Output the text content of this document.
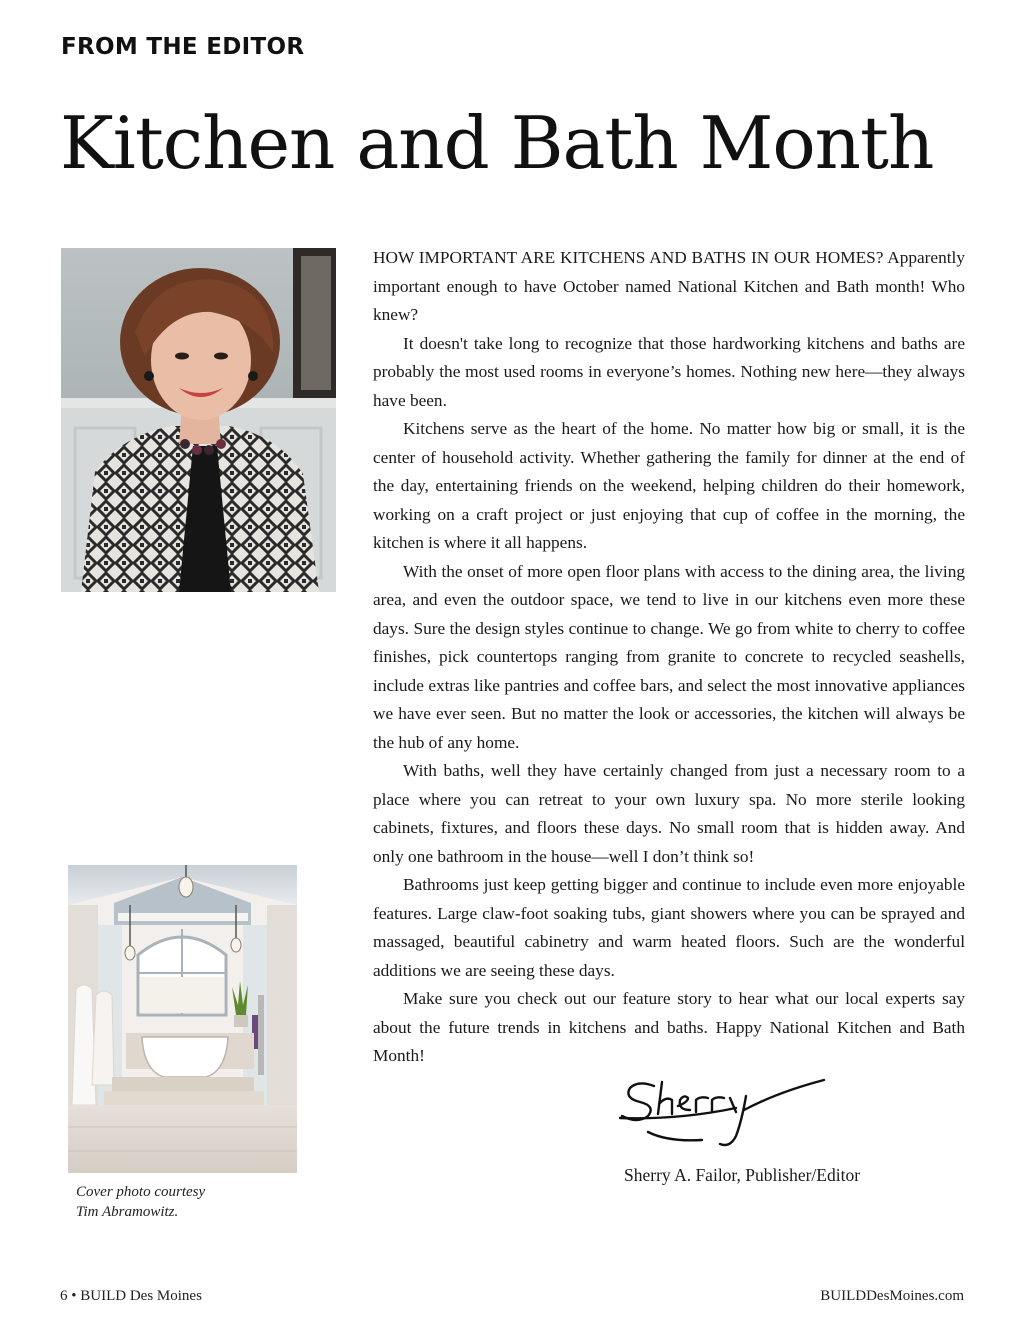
FROM THE EDITOR
Kitchen and Bath Month
Cover photo courtesy
Tim Abramowitz.

HOW IMPORTANT ARE KITCHENS AND BATHS IN OUR HOMES? Apparently important enough to have October named National Kitchen and Bath month! Who knew?

It doesn't take long to recognize that those hardworking kitchens and baths are probably the most used rooms in everyone’s homes. Nothing new here—they always have been.

Kitchens serve as the heart of the home. No matter how big or small, it is the center of household activity. Whether gathering the family for dinner at the end of the day, entertaining friends on the weekend, helping children do their homework, working on a craft project or just enjoying that cup of coffee in the morning, the kitchen is where it all happens.

With the onset of more open floor plans with access to the dining area, the living area, and even the outdoor space, we tend to live in our kitchens even more these days. Sure the design styles continue to change. We go from white to cherry to coffee finishes, pick countertops ranging from granite to concrete to recycled seashells, include extras like pantries and coffee bars, and select the most innovative appliances we have ever seen. But no matter the look or accessories, the kitchen will always be the hub of any home.

With baths, well they have certainly changed from just a necessary room to a place where you can retreat to your own luxury spa. No more sterile looking cabinets, fixtures, and floors these days. No small room that is hidden away. And only one bathroom in the house—well I don’t think so!

Bathrooms just keep getting bigger and continue to include even more enjoyable features. Large claw-foot soaking tubs, giant showers where you can be sprayed and massaged, beautiful cabinetry and warm heated floors. Such are the wonderful additions we are seeing these days.

Make sure you check out our feature story to hear what our local experts say about the future trends in kitchens and baths. Happy National Kitchen and Bath Month!

Sherry A. Failor, Publisher/Editor
6 • BUILD Des Moines	BUILDDesMoines.com
